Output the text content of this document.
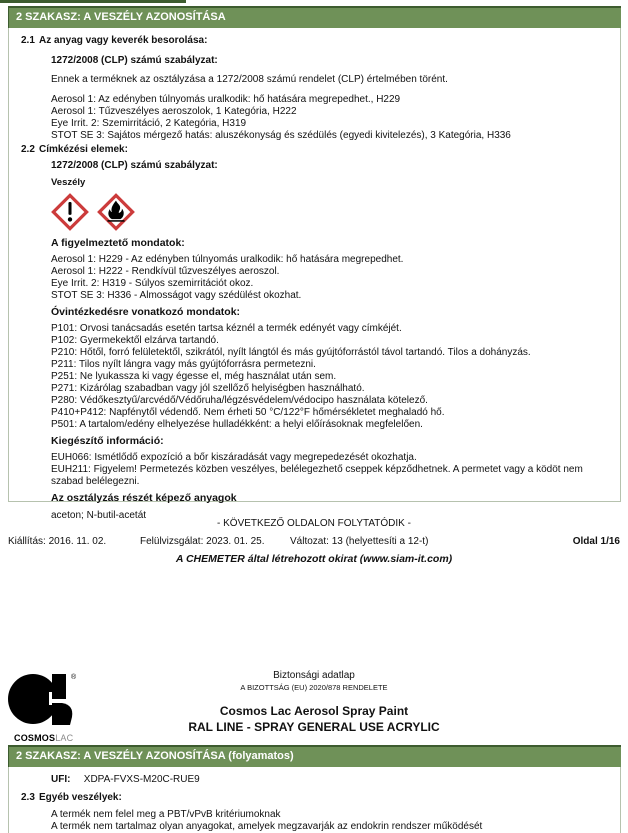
2 SZAKASZ: A VESZÉLY AZONOSÍTÁSA
2.1 Az anyag vagy keverék besorolása:
1272/2008 (CLP) számú szabályzat:
Ennek a terméknek az osztályzása a 1272/2008 számú rendelet (CLP) értelmében törént.
Aerosol 1: Az edényben túlnyomás uralkodik: hő hatására megrepedhet., H229
Aerosol 1: Tűzveszélyes aeroszolok, 1 Kategória, H222
Eye Irrit. 2: Szemirritáció, 2 Kategória, H319
STOT SE 3: Sajátos mérgező hatás: aluszékonyság és szédülés (egyedi kivitelezés), 3 Kategória, H336
2.2 Címkézési elemek:
1272/2008 (CLP) számú szabályzat:
Veszély
A figyelmeztető mondatok:
Aerosol 1: H229 - Az edényben túlnyomás uralkodik: hő hatására megrepedhet.
Aerosol 1: H222 - Rendkívül tűzveszélyes aeroszol.
Eye Irrit. 2: H319 - Súlyos szemirritációt okoz.
STOT SE 3: H336 - Almosságot vagy szédülést okozhat.
Óvintézkedésre vonatkozó mondatok:
P101: Orvosi tanácsadás esetén tartsa kéznél a termék edényét vagy címkéjét.
P102: Gyermekektől elzárva tartandó.
P210: Hőtől, forró felületektől, szikrától, nyílt lángtól és más gyújtóforrástól távol tartandó. Tilos a dohányzás.
P211: Tilos nyílt lángra vagy más gyújtóforrásra permetezni.
P251: Ne lyukassza ki vagy égesse el, még használat után sem.
P271: Kizárólag szabadban vagy jól szellőző helyiségben használható.
P280: Védőkesztyű/arcvédő/Védőruha/légzésvédelem/védocipo használata kötelező.
P410+P412: Napfénytől védendő. Nem érheti 50 °C/122°F hőmérsékletet meghaladó hő.
P501: A tartalom/edény elhelyezése hulladékként: a helyi előírásoknak megfelelően.
Kiegészítő információ:
EUH066: Ismétlődő expozíció a bőr kiszáradását vagy megrepedezését okozhatja.
EUH211: Figyelem! Permetezés közben veszélyes, belélegezhető cseppek képződhetnek. A permetet vagy a ködöt nem szabad belélegezni.
Az osztályzás részét képező anyagok
aceton; N-butil-acetát
- KÖVETKEZŐ OLDALON FOLYTATÓDIK -
Kiállítás: 2016. 11. 02.	Felülvizsgálat: 2023. 01. 25.	Változat: 13 (helyettesíti a 12-t)	Oldal 1/16
A CHEMETER által létrehozott okirat (www.siam-it.com)
®
COSMOSLAC
Biztonsági adatlap
A BIZOTTSÁG (EU) 2020/878 RENDELETE
Cosmos Lac Aerosol Spray Paint
RAL LINE - SPRAY GENERAL USE ACRYLIC
2 SZAKASZ: A VESZÉLY AZONOSÍTÁSA (folyamatos)
UFI: XDPA-FVXS-M20C-RUE9
2.3 Egyéb veszélyek:
A termék nem felel meg a PBT/vPvB kritériumoknak
A termék nem tartalmaz olyan anyagokat, amelyek megzavarják az endokrin rendszer működését
